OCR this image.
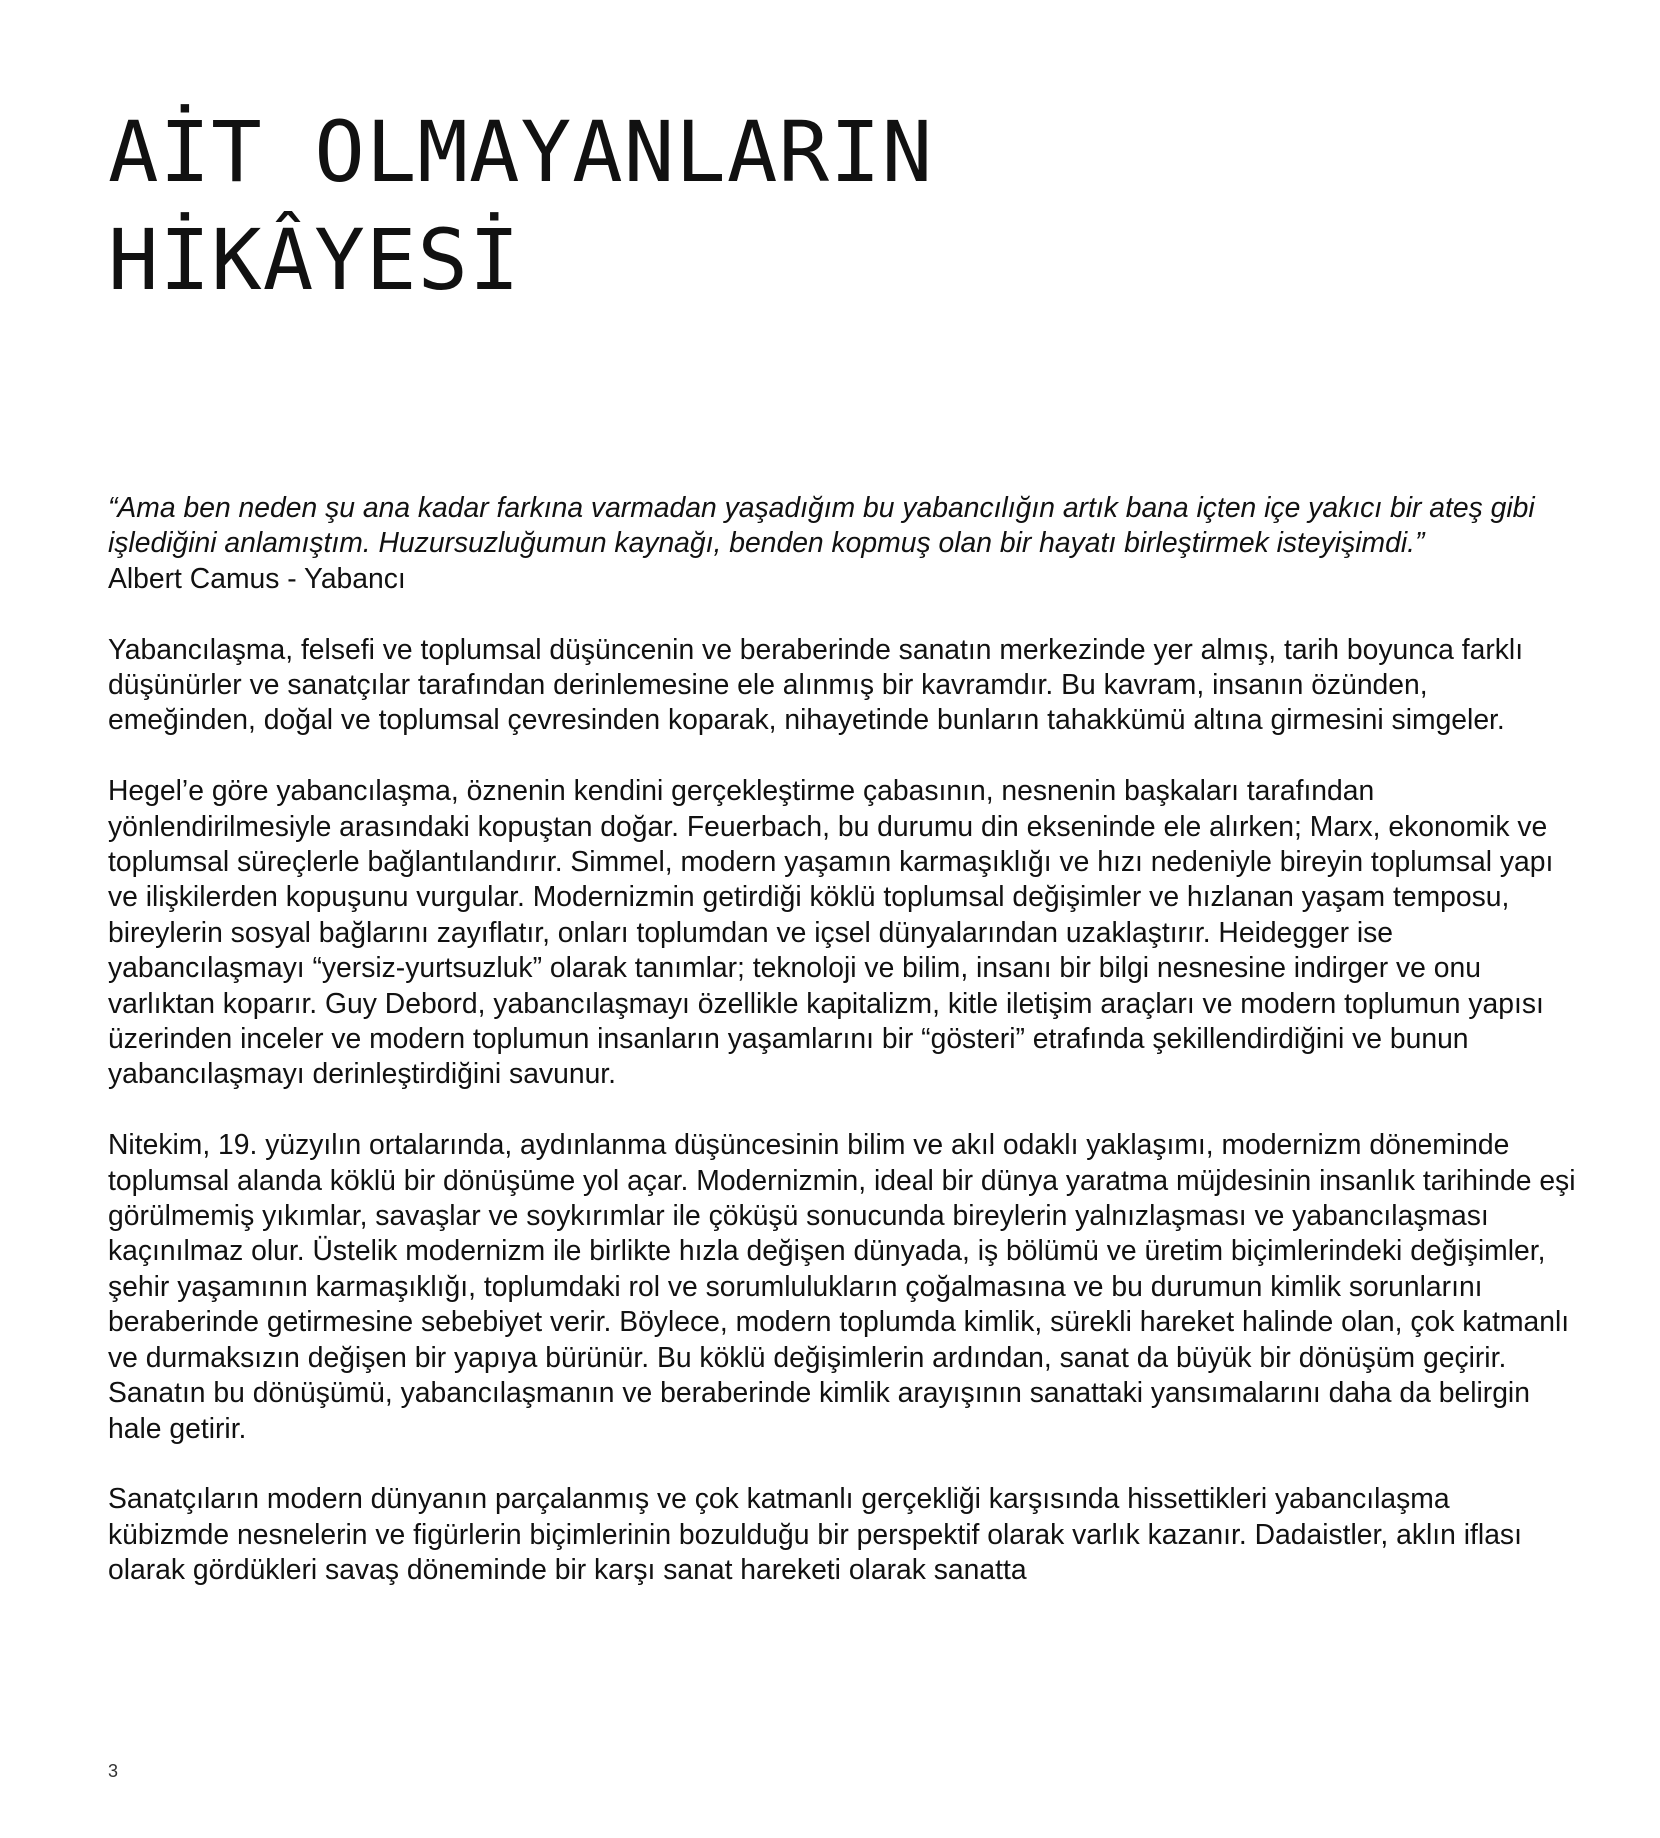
AİT OLMAYANLARIN
HİKÂYESİ

“Ama ben neden şu ana kadar farkına varmadan yaşadığım bu yabancılığın artık bana içten içe yakıcı bir ateş gibi işlediğini anlamıştım. Huzursuzluğumun kaynağı, benden kopmuş olan bir hayatı birleştirmek isteyişimdi.”

Albert Camus - Yabancı

Yabancılaşma, felsefi ve toplumsal düşüncenin ve beraberinde sanatın merkezinde yer almış, tarih boyunca farklı düşünürler ve sanatçılar tarafından derinlemesine ele alınmış bir kavramdır. Bu kavram, insanın özünden, emeğinden, doğal ve toplumsal çevresinden koparak, nihayetinde bunların tahakkümü altına girmesini simgeler.

Hegel’e göre yabancılaşma, öznenin kendini gerçekleştirme çabasının, nesnenin başkaları tarafından yönlendirilmesiyle arasındaki kopuştan doğar. Feuerbach, bu durumu din ekseninde ele alırken; Marx, ekonomik ve toplumsal süreçlerle bağlantılandırır. Simmel, modern yaşamın karmaşıklığı ve hızı nedeniyle bireyin toplumsal yapı ve ilişkilerden kopuşunu vurgular. Modernizmin getirdiği köklü toplumsal değişimler ve hızlanan yaşam temposu, bireylerin sosyal bağlarını zayıflatır, onları toplumdan ve içsel dünyalarından uzaklaştırır. Heidegger ise yabancılaşmayı “yersiz-yurtsuzluk” olarak tanımlar; teknoloji ve bilim, insanı bir bilgi nesnesine indirger ve onu varlıktan koparır. Guy Debord, yabancılaşmayı özellikle kapitalizm, kitle iletişim araçları ve modern toplumun yapısı üzerinden inceler ve modern toplumun insanların yaşamlarını bir “gösteri” etrafında şekillendirdiğini ve bunun yabancılaşmayı derinleştirdiğini savunur.

Nitekim, 19. yüzyılın ortalarında, aydınlanma düşüncesinin bilim ve akıl odaklı yaklaşımı, modernizm döneminde toplumsal alanda köklü bir dönüşüme yol açar. Modernizmin, ideal bir dünya yaratma müjdesinin insanlık tarihinde eşi görülmemiş yıkımlar, savaşlar ve soykırımlar ile çöküşü sonucunda bireylerin yalnızlaşması ve yabancılaşması kaçınılmaz olur. Üstelik modernizm ile birlikte hızla değişen dünyada, iş bölümü ve üretim biçimlerindeki değişimler, şehir yaşamının karmaşıklığı, toplumdaki rol ve sorumlulukların çoğalmasına ve bu durumun kimlik sorunlarını beraberinde getirmesine sebebiyet verir. Böylece, modern toplumda kimlik, sürekli hareket halinde olan, çok katmanlı ve durmaksızın değişen bir yapıya bürünür. Bu köklü değişimlerin ardından, sanat da büyük bir dönüşüm geçirir. Sanatın bu dönüşümü, yabancılaşmanın ve beraberinde kimlik arayışının sanattaki yansımalarını daha da belirgin hale getirir.

Sanatçıların modern dünyanın parçalanmış ve çok katmanlı gerçekliği karşısında hissettikleri yabancılaşma kübizmde nesnelerin ve figürlerin biçimlerinin bozulduğu bir perspektif olarak varlık kazanır. Dadaistler, aklın iflası olarak gördükleri savaş döneminde bir karşı sanat hareketi olarak sanatta

3
